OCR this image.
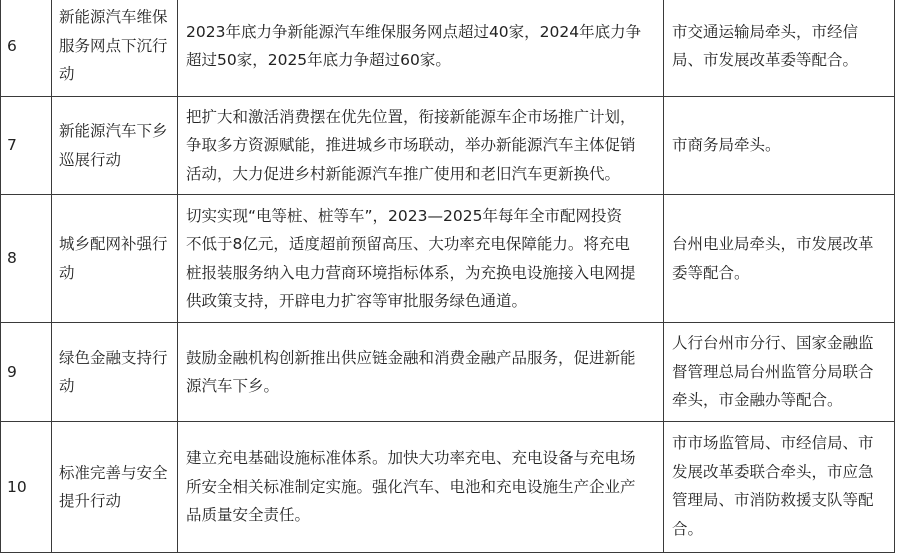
6	新能源汽车维保
服务网点下沉行
动	2023年底力争新能源汽车维保服务网点超过40家，2024年底力争
超过50家，2025年底力争超过60家。	市交通运输局牵头，市经信
局、市发展改革委等配合。

7	新能源汽车下乡
巡展行动	把扩大和激活消费摆在优先位置，衔接新能源车企市场推广计划，
争取多方资源赋能，推进城乡市场联动，举办新能源汽车主体促销
活动，大力促进乡村新能源汽车推广使用和老旧汽车更新换代。	市商务局牵头。

8	城乡配网补强行
动	切实实现“电等桩、桩等车”，2023—2025年每年全市配网投资
不低于8亿元，适度超前预留高压、大功率充电保障能力。将充电
桩报装服务纳入电力营商环境指标体系，为充换电设施接入电网提
供政策支持，开辟电力扩容等审批服务绿色通道。	台州电业局牵头，市发展改革
委等配合。

9	绿色金融支持行
动	鼓励金融机构创新推出供应链金融和消费金融产品服务，促进新能
源汽车下乡。	人行台州市分行、国家金融监
督管理总局台州监管分局联合
牵头，市金融办等配合。

10	标准完善与安全
提升行动	建立充电基础设施标准体系。加快大功率充电、充电设备与充电场
所安全相关标准制定实施。强化汽车、电池和充电设施生产企业产
品质量安全责任。	市市场监管局、市经信局、市
发展改革委联合牵头，市应急
管理局、市消防救援支队等配
合。
